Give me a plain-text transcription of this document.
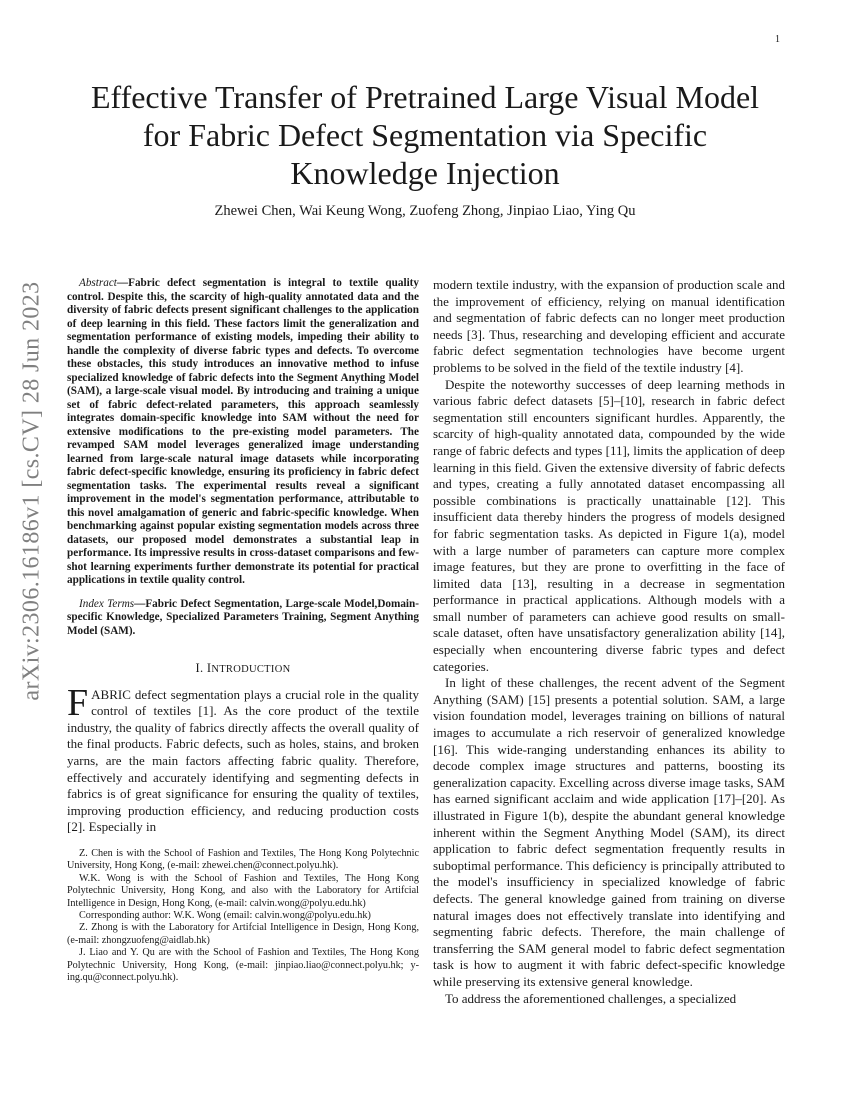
1
arXiv:2306.16186v1 [cs.CV] 28 Jun 2023
Effective Transfer of Pretrained Large Visual Model
for Fabric Defect Segmentation via Specific
Knowledge Injection
Zhewei Chen, Wai Keung Wong, Zuofeng Zhong, Jinpiao Liao, Ying Qu

Abstract—Fabric defect segmentation is integral to textile quality control. Despite this, the scarcity of high-quality annotated data and the diversity of fabric defects present significant challenges to the application of deep learning in this field. These factors limit the generalization and segmentation performance of existing models, impeding their ability to handle the complexity of diverse fabric types and defects. To overcome these obstacles, this study introduces an innovative method to infuse specialized knowledge of fabric defects into the Segment Anything Model (SAM), a large-scale visual model. By introducing and training a unique set of fabric defect-related parameters, this approach seamlessly integrates domain-specific knowledge into SAM without the need for extensive modifications to the pre-existing model parameters. The revamped SAM model leverages generalized image understanding learned from large-scale natural image datasets while incorporating fabric defect-specific knowledge, ensuring its proficiency in fabric defect segmentation tasks. The experimental results reveal a significant improvement in the model's segmentation performance, attributable to this novel amalgamation of generic and fabric-specific knowledge. When benchmarking against popular existing segmentation models across three datasets, our proposed model demonstrates a substantial leap in performance. Its impressive results in cross-dataset comparisons and few-shot learning experiments further demonstrate its potential for practical applications in textile quality control.

Index Terms—Fabric Defect Segmentation, Large-scale Model,Domain-specific Knowledge, Specialized Parameters Training, Segment Anything Model (SAM).

I. INTRODUCTION

FABRIC defect segmentation plays a crucial role in the quality control of textiles [1]. As the core product of the textile industry, the quality of fabrics directly affects the overall quality of the final products. Fabric defects, such as holes, stains, and broken yarns, are the main factors affecting fabric quality. Therefore, effectively and accurately identifying and segmenting defects in fabrics is of great significance for ensuring the quality of textiles, improving production efficiency, and reducing production costs [2]. Especially in

Z. Chen is with the School of Fashion and Textiles, The Hong Kong Polytechnic University, Hong Kong, (e-mail: zhewei.chen@connect.polyu.hk).

W.K. Wong is with the School of Fashion and Textiles, The Hong Kong Polytechnic University, Hong Kong, and also with the Laboratory for Artifcial Intelligence in Design, Hong Kong, (e-mail: calvin.wong@polyu.edu.hk)

Corresponding author: W.K. Wong (email: calvin.wong@polyu.edu.hk)

Z. Zhong is with the Laboratory for Artifcial Intelligence in Design, Hong Kong, (e-mail: zhongzuofeng@aidlab.hk)

J. Liao and Y. Qu are with the School of Fashion and Textiles, The Hong Kong Polytechnic University, Hong Kong, (e-mail: jinpiao.liao@connect.polyu.hk; y-ing.qu@connect.polyu.hk).

modern textile industry, with the expansion of production scale and the improvement of efficiency, relying on manual identification and segmentation of fabric defects can no longer meet production needs [3]. Thus, researching and developing efficient and accurate fabric defect segmentation technologies have become urgent problems to be solved in the field of the textile industry [4].

Despite the noteworthy successes of deep learning methods in various fabric defect datasets [5]–[10], research in fabric defect segmentation still encounters significant hurdles. Apparently, the scarcity of high-quality annotated data, compounded by the wide range of fabric defects and types [11], limits the application of deep learning in this field. Given the extensive diversity of fabric defects and types, creating a fully annotated dataset encompassing all possible combinations is practically unattainable [12]. This insufficient data thereby hinders the progress of models designed for fabric segmentation tasks. As depicted in Figure 1(a), model with a large number of parameters can capture more complex image features, but they are prone to overfitting in the face of limited data [13], resulting in a decrease in segmentation performance in practical applications. Although models with a small number of parameters can achieve good results on small-scale dataset, often have unsatisfactory generalization ability [14], especially when encountering diverse fabric types and defect categories.

In light of these challenges, the recent advent of the Segment Anything (SAM) [15] presents a potential solution. SAM, a large vision foundation model, leverages training on billions of natural images to accumulate a rich reservoir of generalized knowledge [16]. This wide-ranging understanding enhances its ability to decode complex image structures and patterns, boosting its generalization capacity. Excelling across diverse image tasks, SAM has earned significant acclaim and wide application [17]–[20]. As illustrated in Figure 1(b), despite the abundant general knowledge inherent within the Segment Anything Model (SAM), its direct application to fabric defect segmentation frequently results in suboptimal performance. This deficiency is principally attributed to the model's insufficiency in specialized knowledge of fabric defects. The general knowledge gained from training on diverse natural images does not effectively translate into identifying and segmenting fabric defects. Therefore, the main challenge of transferring the SAM general model to fabric defect segmentation task is how to augment it with fabric defect-specific knowledge while preserving its extensive general knowledge.

To address the aforementioned challenges, a specialized
